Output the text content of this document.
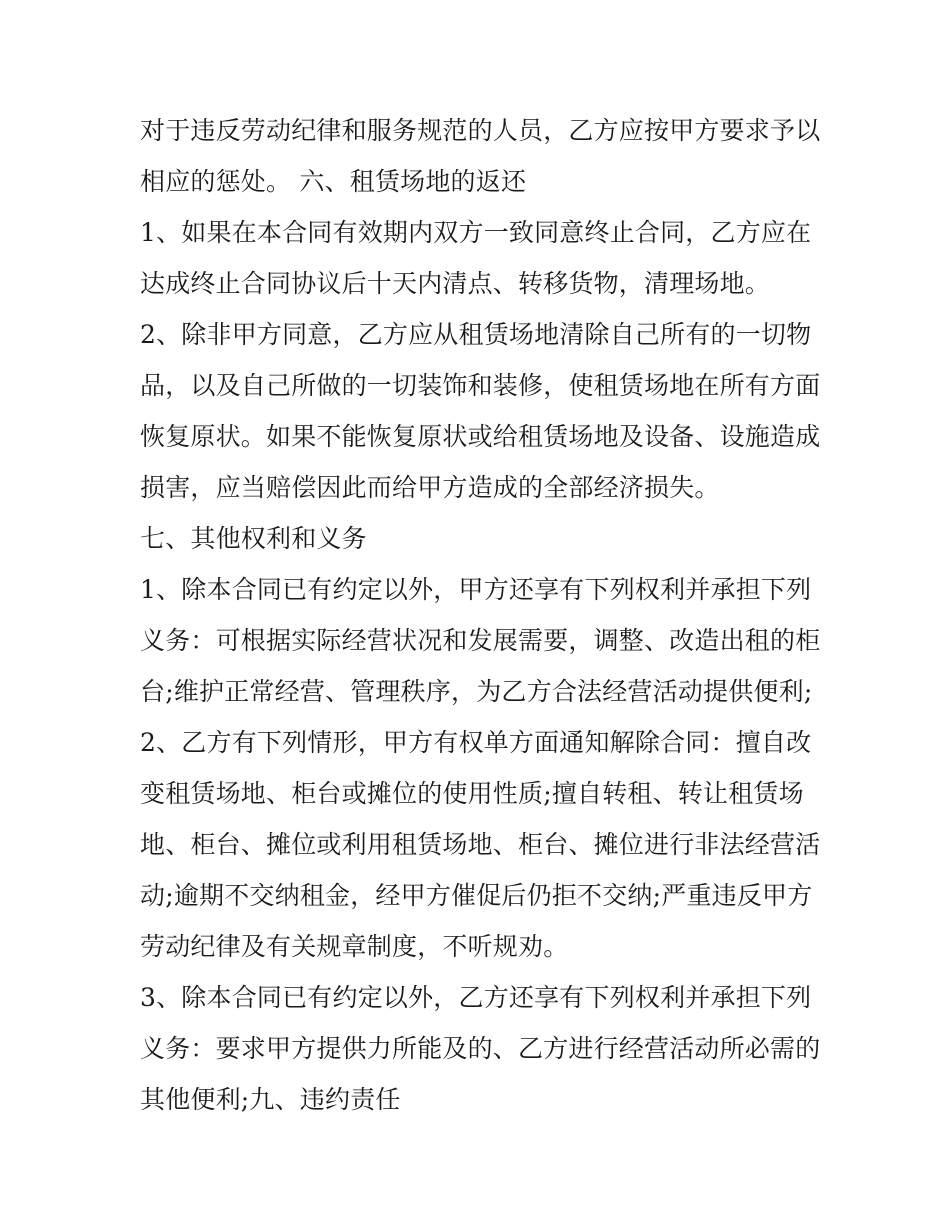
对于违反劳动纪律和服务规范的人员，乙方应按甲方要求予以
相应的惩处。 六、租赁场地的返还
1、如果在本合同有效期内双方一致同意终止合同，乙方应在
达成终止合同协议后十天内清点、转移货物，清理场地。
2、除非甲方同意，乙方应从租赁场地清除自己所有的一切物
品，以及自己所做的一切装饰和装修，使租赁场地在所有方面
恢复原状。如果不能恢复原状或给租赁场地及设备、设施造成
损害，应当赔偿因此而给甲方造成的全部经济损失。
七、其他权利和义务
1、除本合同已有约定以外，甲方还享有下列权利并承担下列
义务：可根据实际经营状况和发展需要，调整、改造出租的柜
台;维护正常经营、管理秩序，为乙方合法经营活动提供便利;
2、乙方有下列情形，甲方有权单方面通知解除合同：擅自改
变租赁场地、柜台或摊位的使用性质;擅自转租、转让租赁场
地、柜台、摊位或利用租赁场地、柜台、摊位进行非法经营活
动;逾期不交纳租金，经甲方催促后仍拒不交纳;严重违反甲方
劳动纪律及有关规章制度，不听规劝。
3、除本合同已有约定以外，乙方还享有下列权利并承担下列
义务：要求甲方提供力所能及的、乙方进行经营活动所必需的
其他便利;九、违约责任
